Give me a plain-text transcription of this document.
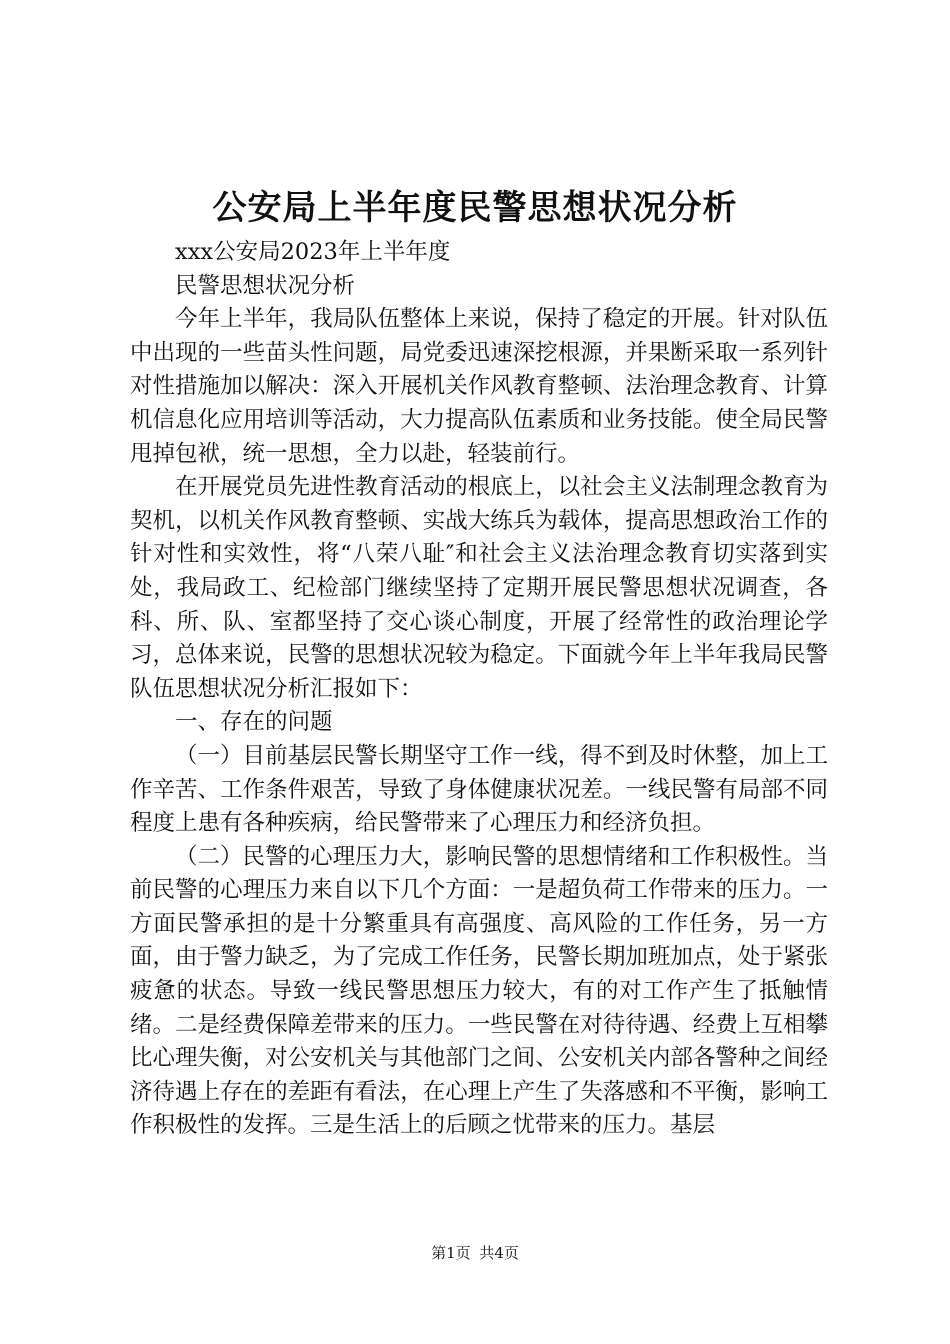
公安局上半年度民警思想状况分析

xxx公安局2023年上半年度

民警思想状况分析

今年上半年，我局队伍整体上来说，保持了稳定的开展。针对队伍中出现的一些苗头性问题，局党委迅速深挖根源，并果断采取一系列针对性措施加以解决：深入开展机关作风教育整顿、法治理念教育、计算机信息化应用培训等活动，大力提高队伍素质和业务技能。使全局民警甩掉包袱，统一思想，全力以赴，轻装前行。

在开展党员先进性教育活动的根底上，以社会主义法制理念教育为契机，以机关作风教育整顿、实战大练兵为载体，提高思想政治工作的针对性和实效性，将“八荣八耻″和社会主义法治理念教育切实落到实处，我局政工、纪检部门继续坚持了定期开展民警思想状况调查，各科、所、队、室都坚持了交心谈心制度，开展了经常性的政治理论学习，总体来说，民警的思想状况较为稳定。下面就今年上半年我局民警队伍思想状况分析汇报如下：

一、存在的问题

（一）目前基层民警长期坚守工作一线，得不到及时休整，加上工作辛苦、工作条件艰苦，导致了身体健康状况差。一线民警有局部不同程度上患有各种疾病，给民警带来了心理压力和经济负担。

（二）民警的心理压力大，影响民警的思想情绪和工作积极性。当前民警的心理压力来自以下几个方面：一是超负荷工作带来的压力。一方面民警承担的是十分繁重具有高强度、高风险的工作任务，另一方面，由于警力缺乏，为了完成工作任务，民警长期加班加点，处于紧张疲惫的状态。导致一线民警思想压力较大，有的对工作产生了抵触情绪。二是经费保障差带来的压力。一些民警在对待待遇、经费上互相攀比心理失衡，对公安机关与其他部门之间、公安机关内部各警种之间经济待遇上存在的差距有看法，在心理上产生了失落感和不平衡，影响工作积极性的发挥。三是生活上的后顾之忧带来的压力。基层

第1页 共4页
